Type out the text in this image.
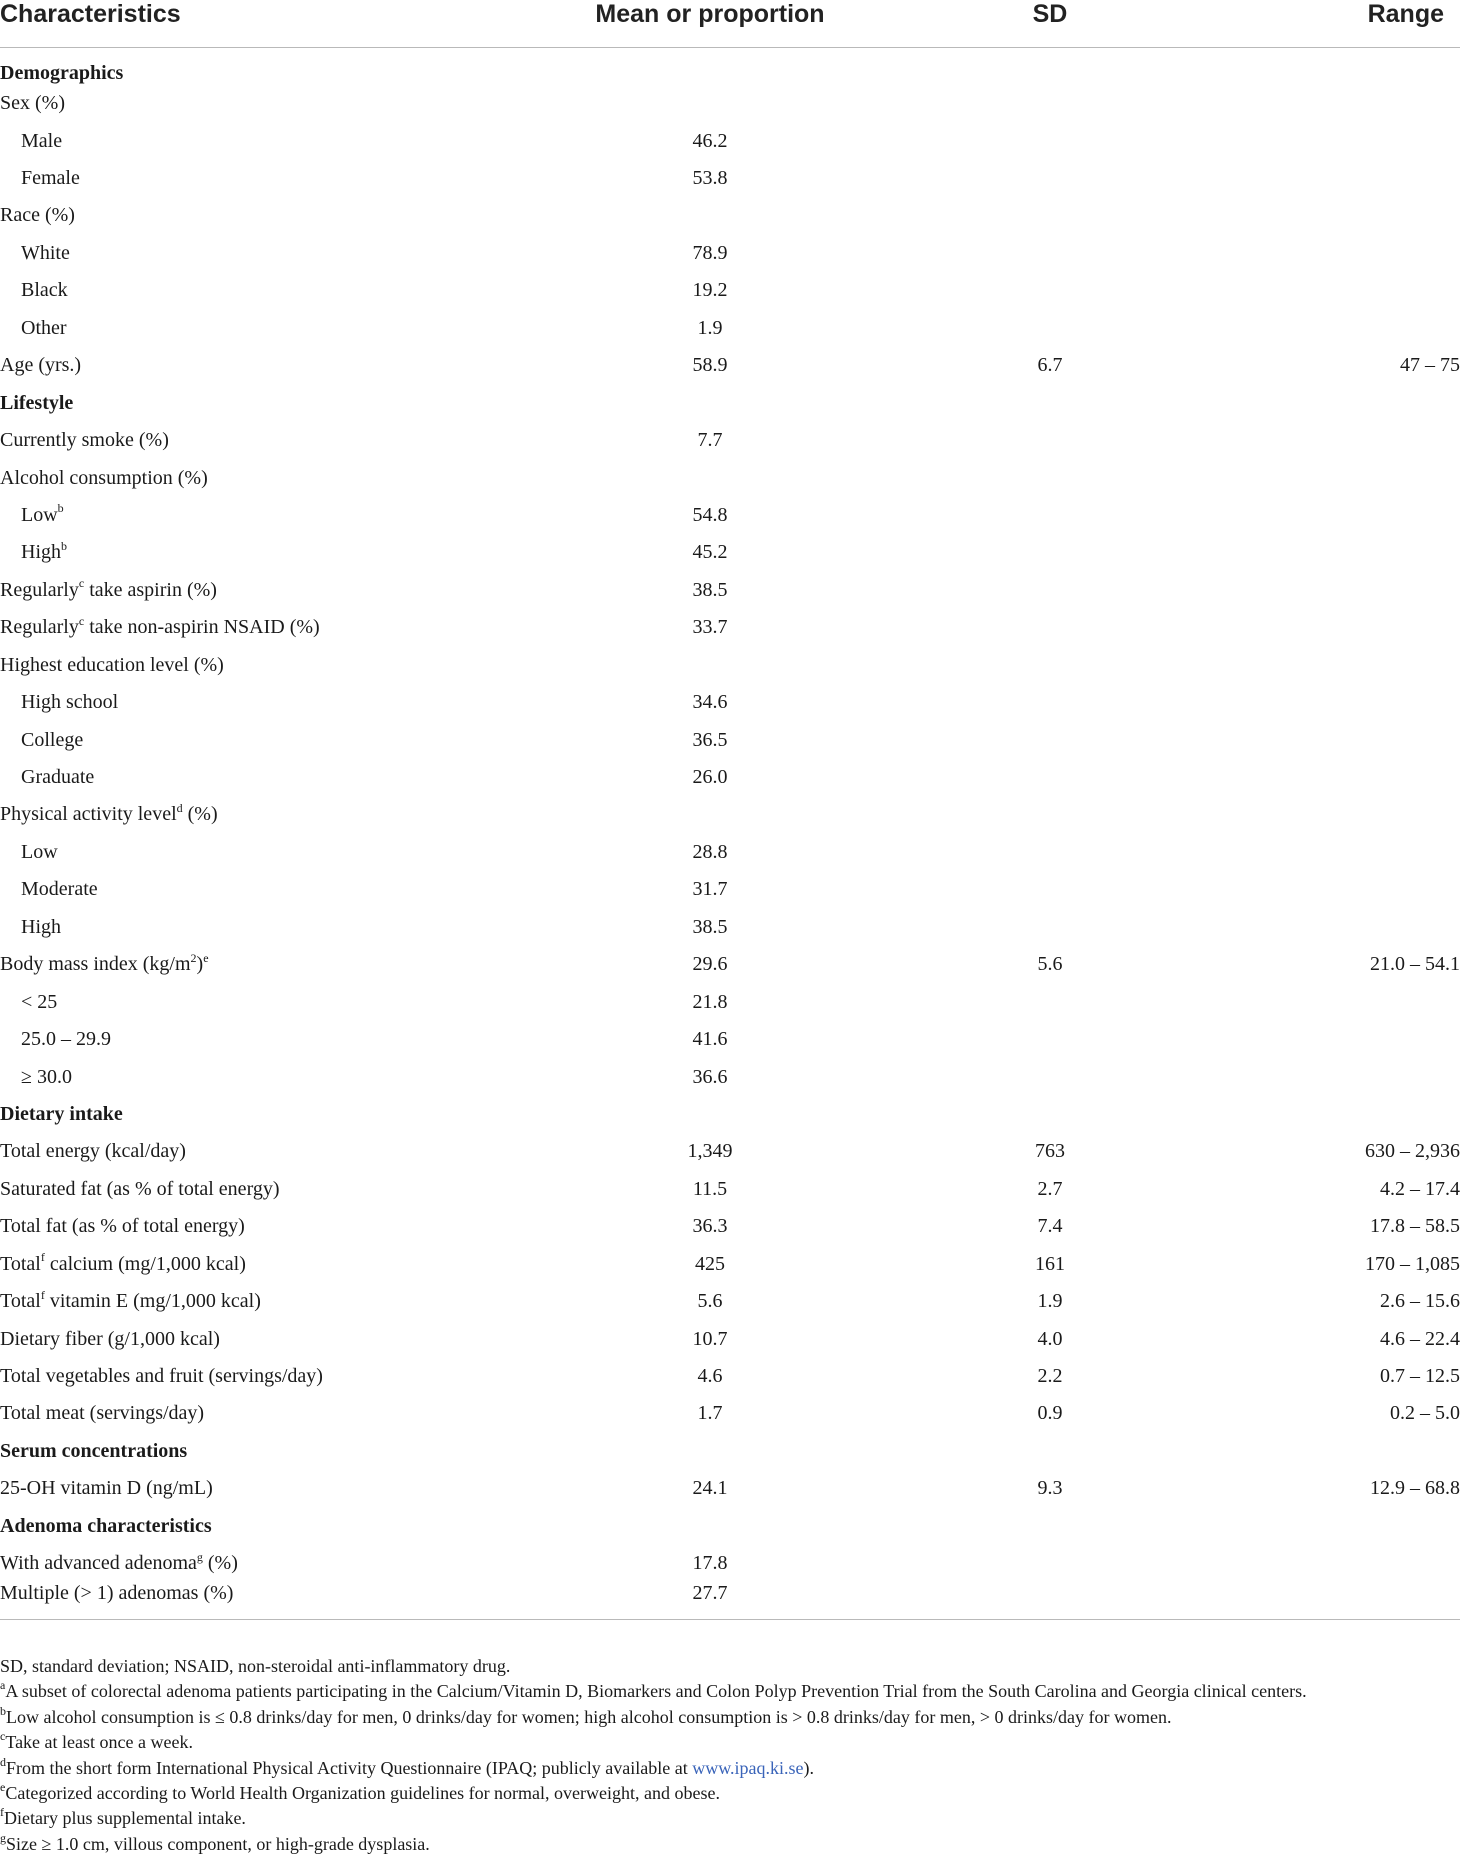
Characteristics	Mean or proportion	SD	Range
Demographics			
Sex (%)			
Male	46.2		
Female	53.8		
Race (%)			
White	78.9		
Black	19.2		
Other	1.9		
Age (yrs.)	58.9	6.7	47 – 75
Lifestyle			
Currently smoke (%)	7.7		
Alcohol consumption (%)			
Low$^b$	54.8		
High$^b$	45.2		
Regularly$^c$ take aspirin (%)	38.5		
Regularly$^c$ take non-aspirin NSAID (%)	33.7		
Highest education level (%)			
High school	34.6		
College	36.5		
Graduate	26.0		
Physical activity level$^d$ (%)			
Low	28.8		
Moderate	31.7		
High	38.5		
Body mass index $(kg/m^2)^e$	29.6	5.6	21.0 – 54.1
< 25	21.8		
25.0 – 29.9	41.6		
≥ 30.0	36.6		
Dietary intake			
Total energy (kcal/day)	1,349	763	630 – 2,936
Saturated fat (as % of total energy)	11.5	2.7	4.2 – 17.4
Total fat (as % of total energy)	36.3	7.4	17.8 – 58.5
Total$^f$ calcium (mg/1,000 kcal)	425	161	170 – 1,085
Total$^f$ vitamin E (mg/1,000 kcal)	5.6	1.9	2.6 – 15.6
Dietary fiber (g/1,000 kcal)	10.7	4.0	4.6 – 22.4
Total vegetables and fruit (servings/day)	4.6	2.2	0.7 – 12.5
Total meat (servings/day)	1.7	0.9	0.2 – 5.0
Serum concentrations			
25-OH vitamin D (ng/mL)	24.1	9.3	12.9 – 68.8
Adenoma characteristics			
With advanced adenoma$^g$ (%)	17.8		
Multiple (> 1) adenomas (%)	27.7		

SD, standard deviation; NSAID, non-steroidal anti-inflammatory drug.

$^a$A subset of colorectal adenoma patients participating in the Calcium/Vitamin D, Biomarkers and Colon Polyp Prevention Trial from the South Carolina and Georgia clinical centers.

$^b$Low alcohol consumption is ≤ 0.8 drinks/day for men, 0 drinks/day for women; high alcohol consumption is > 0.8 drinks/day for men, > 0 drinks/day for women.

$^c$Take at least once a week.

$^d$From the short form International Physical Activity Questionnaire (IPAQ; publicly available at www.ipaq.ki.se).

$^e$Categorized according to World Health Organization guidelines for normal, overweight, and obese.

$^f$Dietary plus supplemental intake.

$^g$Size ≥ 1.0 cm, villous component, or high-grade dysplasia.
